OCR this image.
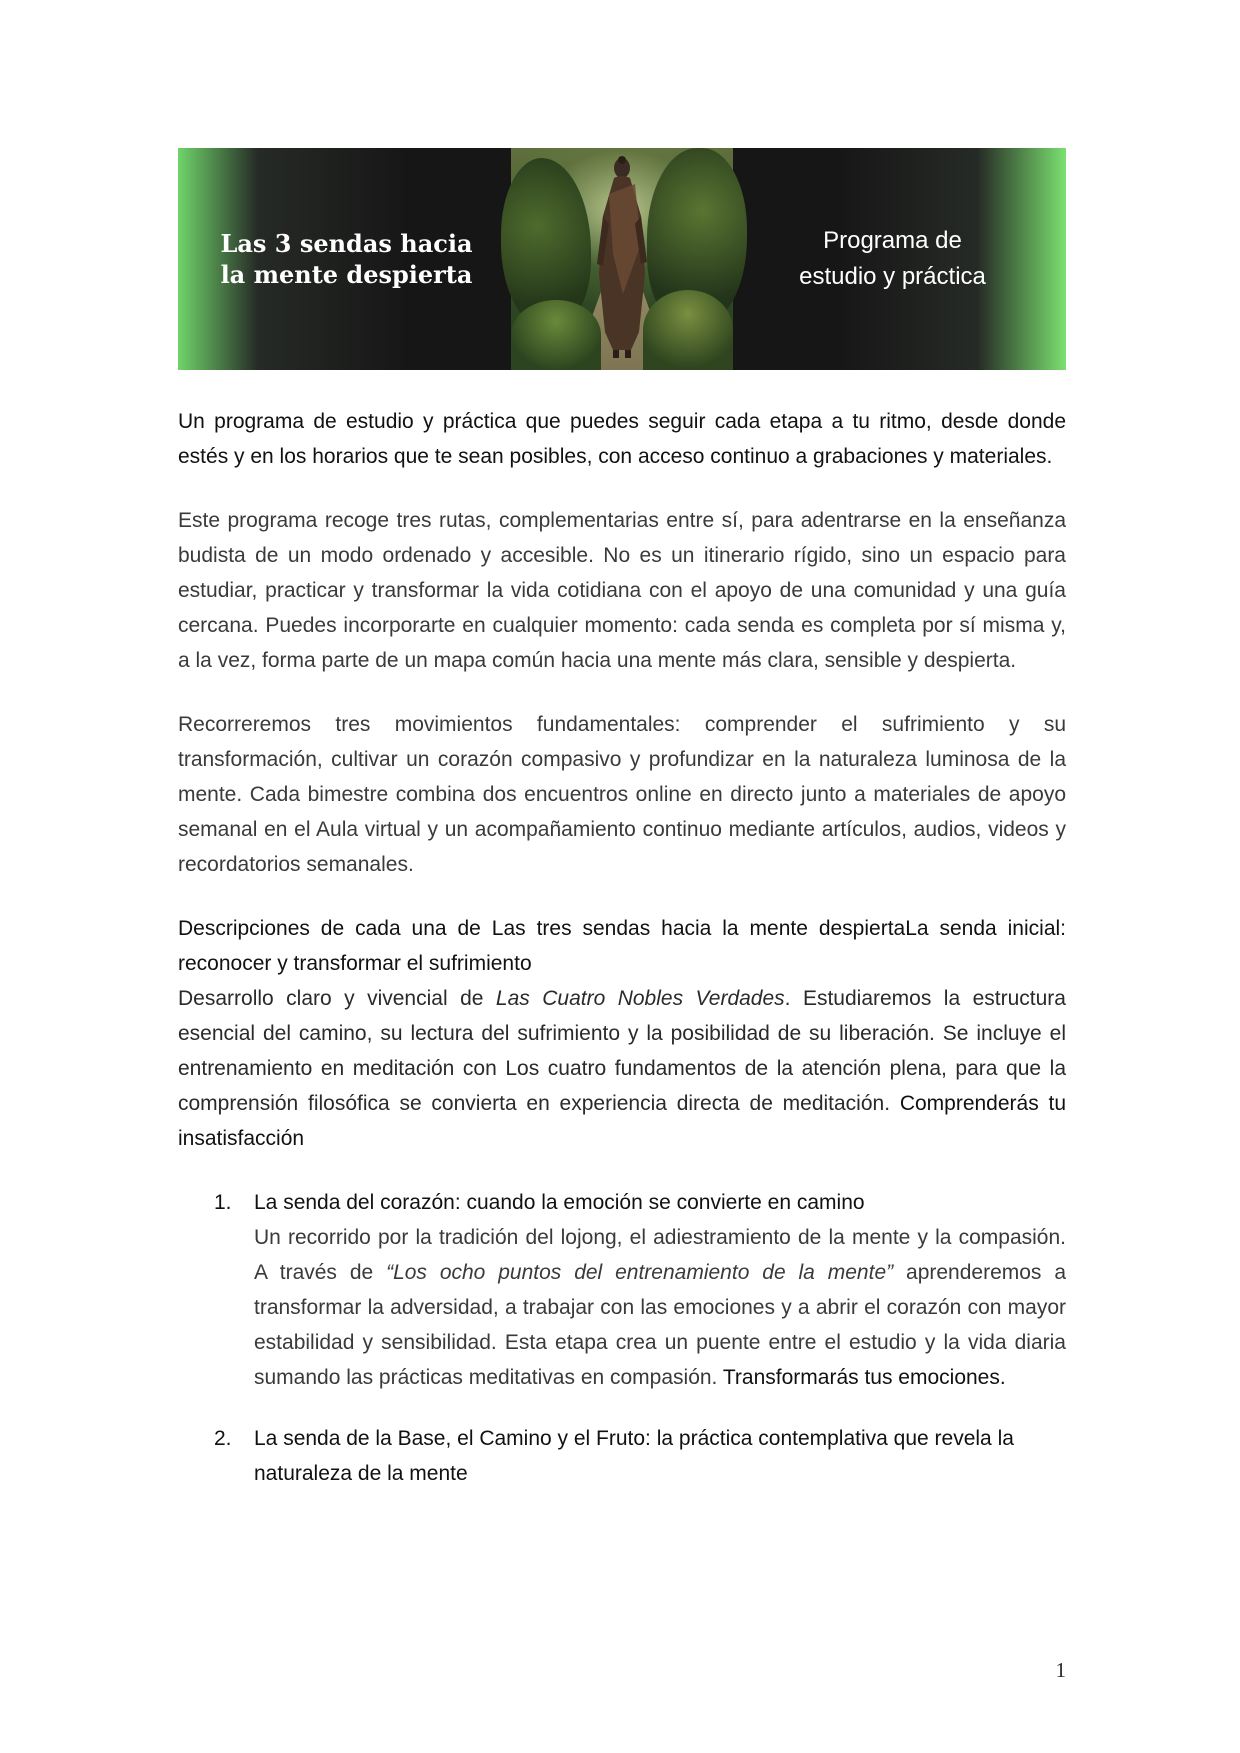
Las 3 sendas hacia
la mente despierta

Programa de
estudio y práctica

Un programa de estudio y práctica que puedes seguir cada etapa a tu ritmo, desde donde estés y en los horarios que te sean posibles, con acceso continuo a grabaciones y materiales.

Este programa recoge tres rutas, complementarias entre sí, para adentrarse en la enseñanza budista de un modo ordenado y accesible. No es un itinerario rígido, sino un espacio para estudiar, practicar y transformar la vida cotidiana con el apoyo de una comunidad y una guía cercana. Puedes incorporarte en cualquier momento: cada senda es completa por sí misma y, a la vez, forma parte de un mapa común hacia una mente más clara, sensible y despierta.

Recorreremos tres movimientos fundamentales: comprender el sufrimiento y su transformación, cultivar un corazón compasivo y profundizar en la naturaleza luminosa de la mente. Cada bimestre combina dos encuentros online en directo junto a materiales de apoyo semanal en el Aula virtual y un acompañamiento continuo mediante artículos, audios, videos y recordatorios semanales.

Descripciones de cada una de Las tres sendas hacia la mente despiertaLa senda inicial: reconocer y transformar el sufrimiento
Desarrollo claro y vivencial de Las Cuatro Nobles Verdades. Estudiaremos la estructura esencial del camino, su lectura del sufrimiento y la posibilidad de su liberación. Se incluye el entrenamiento en meditación con Los cuatro fundamentos de la atención plena, para que la comprensión filosófica se convierta en experiencia directa de meditación. Comprenderás tu insatisfacción

1. La senda del corazón: cuando la emoción se convierte en camino
Un recorrido por la tradición del lojong, el adiestramiento de la mente y la compasión. A través de “Los ocho puntos del entrenamiento de la mente” aprenderemos a transformar la adversidad, a trabajar con las emociones y a abrir el corazón con mayor estabilidad y sensibilidad. Esta etapa crea un puente entre el estudio y la vida diaria sumando las prácticas meditativas en compasión. Transformarás tus emociones.
2. La senda de la Base, el Camino y el Fruto: la práctica contemplativa que revela la naturaleza de la mente
1
